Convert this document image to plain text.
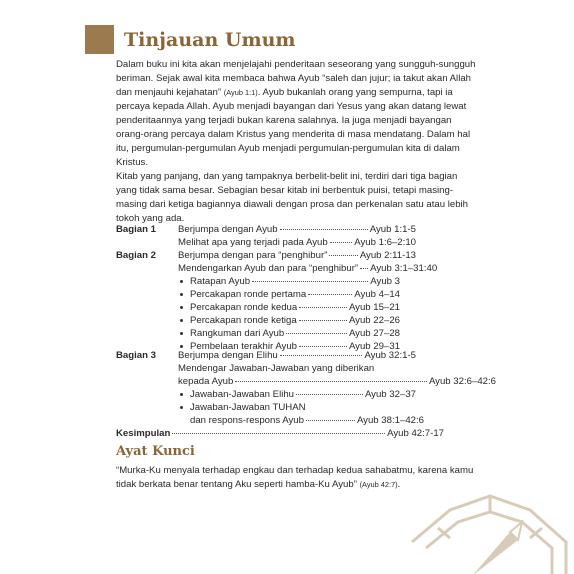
Tinjauan Umum

Dalam buku ini kita akan menjelajahi penderitaan seseorang yang sungguh-sungguh

beriman. Sejak awal kita membaca bahwa Ayub “saleh dan jujur; ia takut akan Allah

dan menjauhi kejahatan” (Ayub 1:1). Ayub bukanlah orang yang sempurna, tapi ia

percaya kepada Allah. Ayub menjadi bayangan dari Yesus yang akan datang lewat

penderitaannya yang terjadi bukan karena salahnya. Ia juga menjadi bayangan

orang-orang percaya dalam Kristus yang menderita di masa mendatang. Dalam hal

itu, pergumulan-pergumulan Ayub menjadi pergumulan-pergumulan kita di dalam

Kristus.

Kitab yang panjang, dan yang tampaknya berbelit-belit ini, terdiri dari tiga bagian

yang tidak sama besar. Sebagian besar kitab ini berbentuk puisi, tetapi masing-

masing dari ketiga bagiannya diawali dengan prosa dan perkenalan satu atau lebih

tokoh yang ada.

Bagian 1 Berjumpa dengan Ayub	Ayub 1:1-5
Melihat apa yang terjadi pada Ayub	Ayub 1:6–2:10
Bagian 2 Berjumpa dengan para “penghibur”	Ayub 2:11-13
Mendengarkan Ayub dan para “penghibur” Ayub 3:1–31:40
Ratapan Ayub	Ayub 3
Percakapan ronde pertama	Ayub 4–14
Percakapan ronde kedua	Ayub 15–21
Percakapan ronde ketiga	Ayub 22–26
Rangkuman dari Ayub	Ayub 27–28
Pembelaan terakhir Ayub	Ayub 29–31
Bagian 3 Berjumpa dengan Elihu	Ayub 32:1-5
Mendengar Jawaban-Jawaban yang diberikan
kepada Ayub	Ayub 32:6–42:6
Jawaban-Jawaban Elihu	Ayub 32–37
Jawaban-Jawaban TUHAN
dan respons-respons Ayub	Ayub 38:1–42:6
Kesimpulan	Ayub 42:7-17
Ayat Kunci

“Murka-Ku menyala terhadap engkau dan terhadap kedua sahabatmu, karena kamu

tidak berkata benar tentang Aku seperti hamba-Ku Ayub” (Ayub 42:7).
